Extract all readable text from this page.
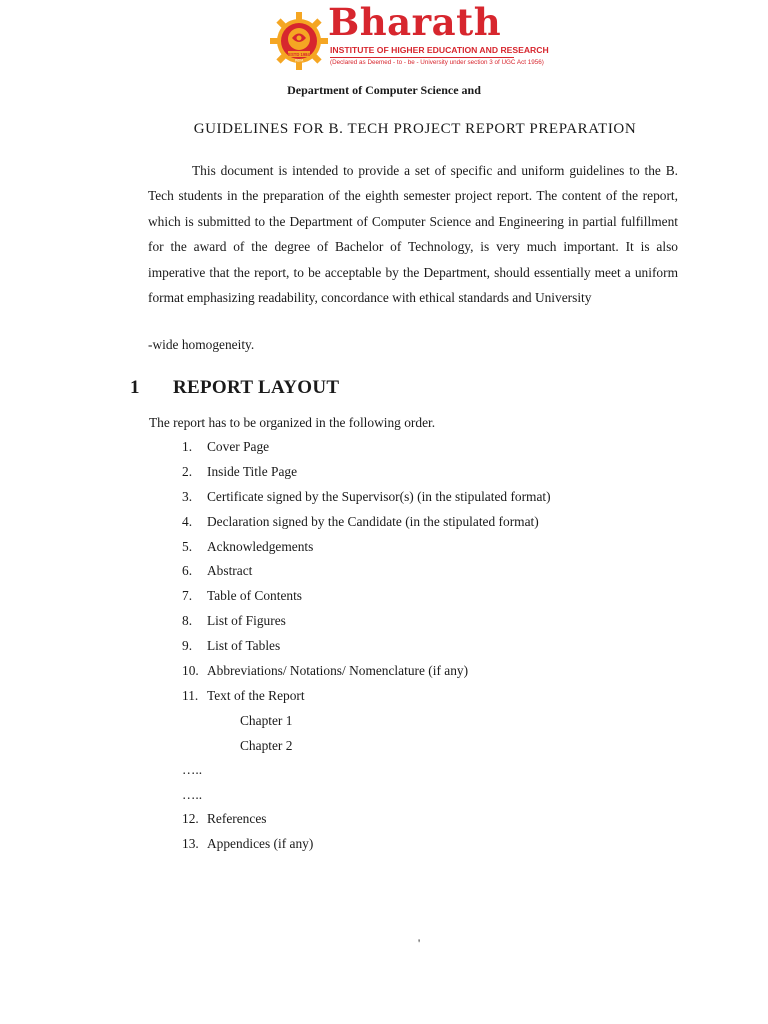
ESTD 1984
INDIA
Bharath
INSTITUTE OF HIGHER EDUCATION AND RESEARCH
(Declared as Deemed - to - be - University under section 3 of UGC Act 1956)
Department of Computer Science and
GUIDELINES FOR B. TECH PROJECT REPORT PREPARATION

This document is intended to provide a set of specific and uniform guidelines to the B. Tech students in the preparation of the eighth semester project report. The content of the report, which is submitted to the Department of Computer Science and Engineering in partial fulfillment for the award of the degree of Bachelor of Technology, is very much important. It is also imperative that the report, to be acceptable by the Department, should essentially meet a uniform format emphasizing readability, concordance with ethical standards and University

-wide homogeneity.
1 REPORT LAYOUT
The report has to be organized in the following order.
1. Cover Page
2. Inside Title Page
3. Certificate signed by the Supervisor(s) (in the stipulated format)
4. Declaration signed by the Candidate (in the stipulated format)
5. Acknowledgements
6. Abstract
7. Table of Contents
8. List of Figures
9. List of Tables
10. Abbreviations/ Notations/ Nomenclature (if any)
11. Text of the Report
Chapter 1
Chapter 2
…..
…..
12. References
13. Appendices (if any)
'
